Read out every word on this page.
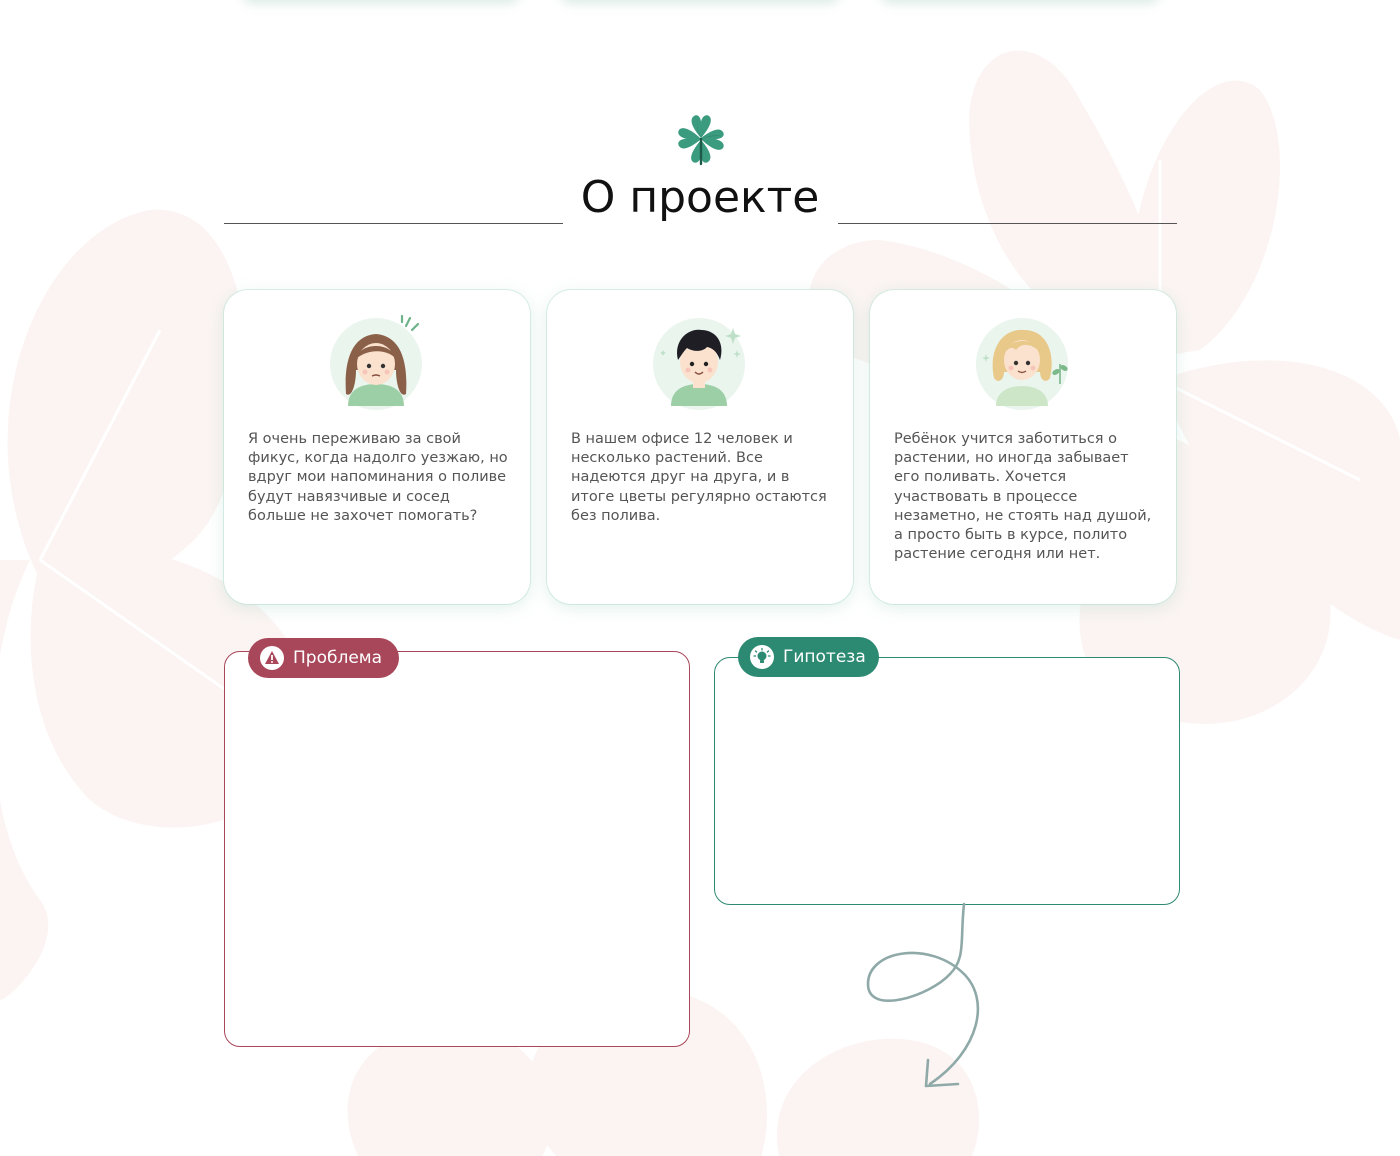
О проекте

Я очень переживаю за свой фикус, когда надолго уезжаю, но вдруг мои напоминания о поливе будут навязчивые и сосед больше не захочет помогать?

В нашем офисе 12 человек и несколько растений. Все надеются друг на друга, и в итоге цветы регулярно остаются без полива.

Ребёнок учится заботиться о растении, но иногда забывает его поливать. Хочется участвовать в процессе незаметно, не стоять над душой, а просто быть в курсе, полито растение сегодня или нет.

Проблема	Гипотеза
